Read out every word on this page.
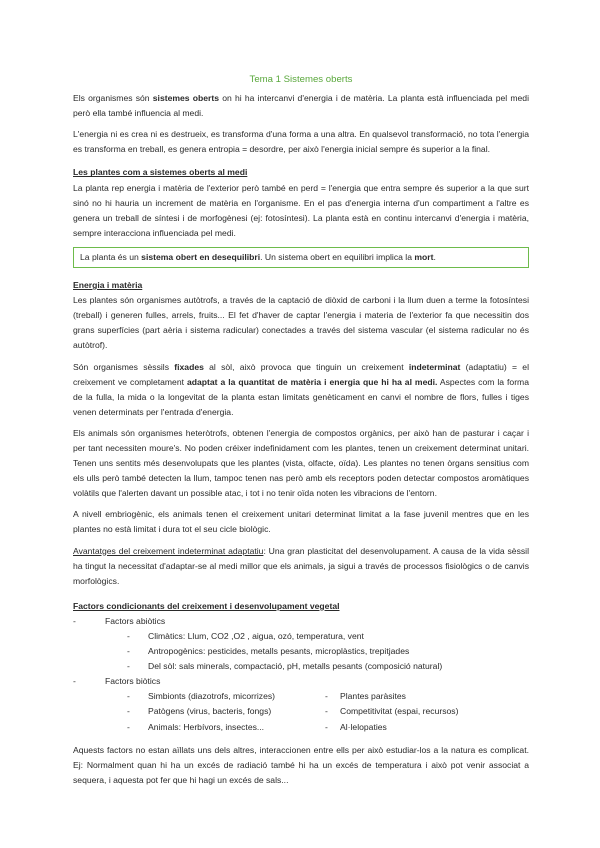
Tema 1 Sistemes oberts

Els organismes són sistemes oberts on hi ha intercanvi d'energia i de matèria. La planta està influenciada pel medi però ella també influencia al medi.

L'energia ni es crea ni es destrueix, es transforma d'una forma a una altra. En qualsevol transformació, no tota l'energia es transforma en treball, es genera entropia = desordre, per això l'energia inicial sempre és superior a la final.

Les plantes com a sistemes oberts al medi

La planta rep energia i matèria de l'exterior però també en perd = l'energia que entra sempre és superior a la que surt sinó no hi hauria un increment de matèria en l'organisme. En el pas d'energia interna d'un compartiment a l'altre es genera un treball de síntesi i de morfogènesi (ej: fotosíntesi). La planta està en continu intercanvi d'energia i matèria, sempre interacciona influenciada pel medi.

La planta és un sistema obert en desequilibri. Un sistema obert en equilibri implica la mort.
Energia i matèria

Les plantes són organismes autòtrofs, a través de la captació de diòxid de carboni i la llum duen a terme la fotosíntesi (treball) i generen fulles, arrels, fruits... El fet d'haver de captar l'energia i materia de l'exterior fa que necessitin dos grans superfícies (part aèria i sistema radicular) conectades a través del sistema vascular (el sistema radicular no és autòtrof).

Són organismes sèssils fixades al sòl, això provoca que tinguin un creixement indeterminat (adaptatiu) = el creixement ve completament adaptat a la quantitat de matèria i energia que hi ha al medi. Aspectes com la forma de la fulla, la mida o la longevitat de la planta estan limitats genèticament en canvi el nombre de flors, fulles i tiges venen determinats per l'entrada d'energia.

Els animals són organismes heteròtrofs, obtenen l'energia de compostos orgànics, per això han de pasturar i caçar i per tant necessiten moure's. No poden créixer indefinidament com les plantes, tenen un creixement determinat unitari. Tenen uns sentits més desenvolupats que les plantes (vista, olfacte, oïda). Les plantes no tenen òrgans sensitius com els ulls però també detecten la llum, tampoc tenen nas però amb els receptors poden detectar compostos aromàtiques volàtils que l'alerten davant un possible atac, i tot i no tenir oïda noten les vibracions de l'entorn.

A nivell embriogènic, els animals tenen el creixement unitari determinat limitat a la fase juvenil mentres que en les plantes no està limitat i dura tot el seu cicle biològic.

Avantatges del creixement indeterminat adaptatiu: Una gran plasticitat del desenvolupament. A causa de la vida sèssil ha tingut la necessitat d'adaptar-se al medi millor que els animals, ja sigui a través de processos fisiològics o de canvis morfològics.

Factors condicionants del creixement i desenvolupament vegetal
- Factors abiòtics
- Climàtics: Llum, CO2 ,O2 , aigua, ozó, temperatura, vent
- Antropogènics: pesticides, metalls pesants, microplàstics, trepitjades
- Del sòl: sals minerals, compactació, pH, metalls pesants (composició natural)
- Factors biòtics
- Simbionts (diazotrofs, micorrizes)	- Plantes paràsites
- Patògens (virus, bacteris, fongs)	- Competitivitat (espai, recursos)
- Animals: Herbívors, insectes...	- Al·lelopaties

Aquests factors no estan aïllats uns dels altres, interaccionen entre ells per això estudiar-los a la natura es complicat. Ej: Normalment quan hi ha un excés de radiació també hi ha un excés de temperatura i això pot venir associat a sequera, i aquesta pot fer que hi hagi un excés de sals...
